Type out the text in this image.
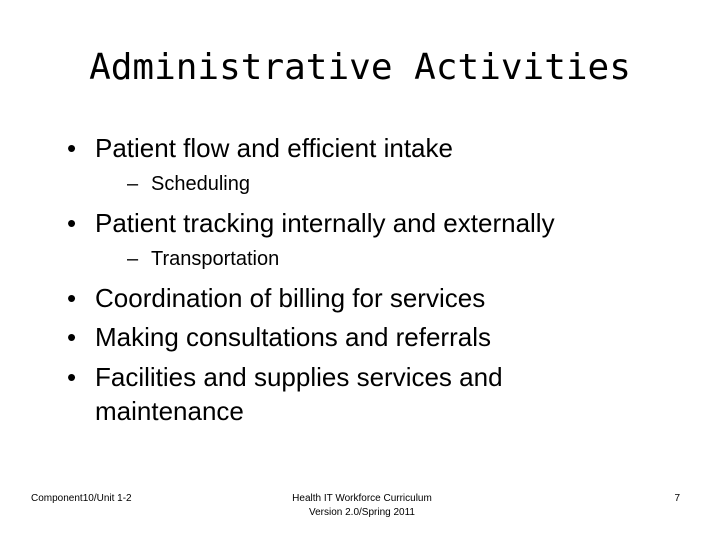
Administrative Activities
• Patient flow and efficient intake
– Scheduling
• Patient tracking internally and externally
– Transportation
• Coordination of billing for services
• Making consultations and referrals
• Facilities and supplies services and
maintenance
Component10/Unit 1-2	Health IT Workforce Curriculum
Version 2.0/Spring 2011
7
